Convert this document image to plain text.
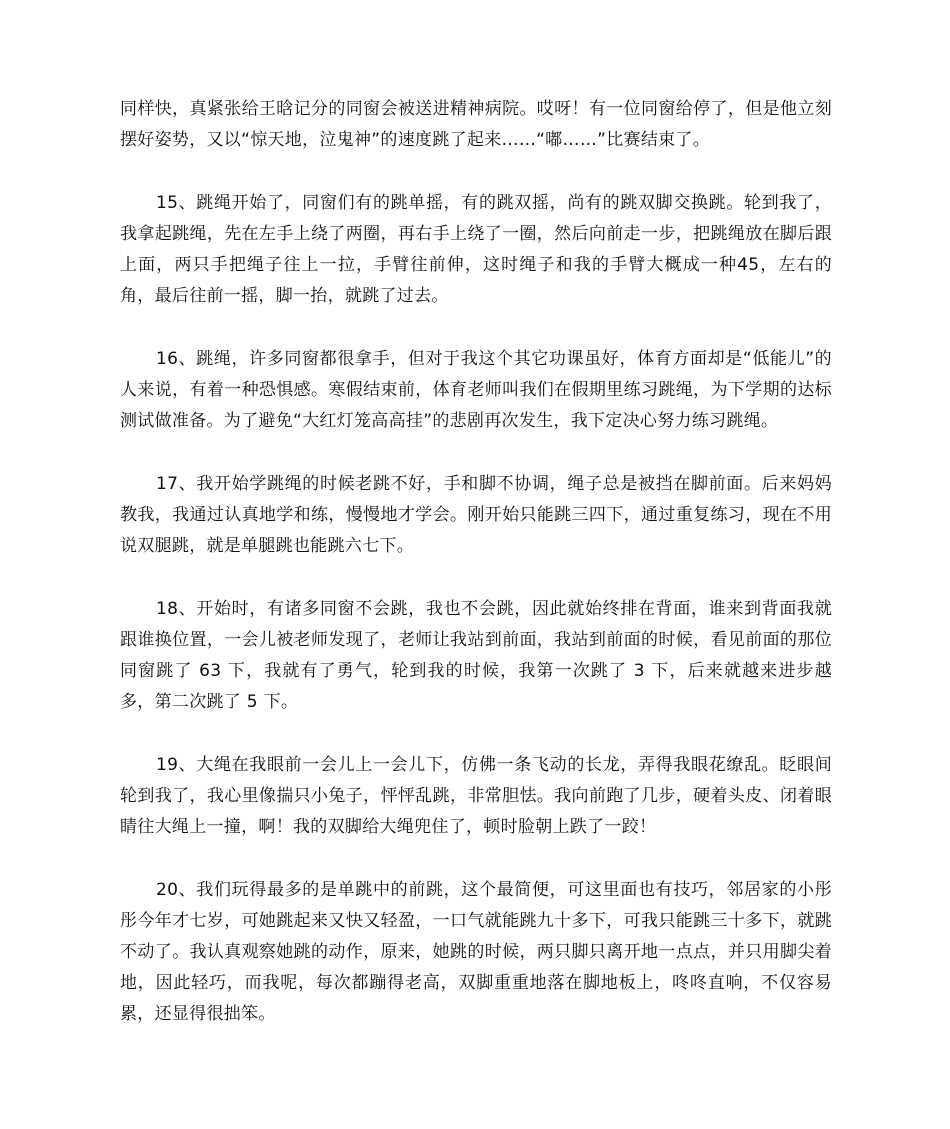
同样快，真紧张给王晗记分的同窗会被送进精神病院。哎呀！有一位同窗给停了，但是他立刻摆好姿势，又以“惊天地，泣鬼神”的速度跳了起来……“嘟……”比赛结束了。
15、跳绳开始了，同窗们有的跳单摇，有的跳双摇，尚有的跳双脚交换跳。轮到我了，我拿起跳绳，先在左手上绕了两圈，再右手上绕了一圈，然后向前走一步，把跳绳放在脚后跟上面，两只手把绳子往上一拉，手臂往前伸，这时绳子和我的手臂大概成一种45，左右的角，最后往前一摇，脚一抬，就跳了过去。
16、跳绳，许多同窗都很拿手，但对于我这个其它功课虽好，体育方面却是“低能儿”的人来说，有着一种恐惧感。寒假结束前，体育老师叫我们在假期里练习跳绳，为下学期的达标测试做准备。为了避免“大红灯笼高高挂”的悲剧再次发生，我下定决心努力练习跳绳。
17、我开始学跳绳的时候老跳不好，手和脚不协调，绳子总是被挡在脚前面。后来妈妈教我，我通过认真地学和练，慢慢地才学会。刚开始只能跳三四下，通过重复练习，现在不用说双腿跳，就是单腿跳也能跳六七下。
18、开始时，有诸多同窗不会跳，我也不会跳，因此就始终排在背面，谁来到背面我就跟谁换位置，一会儿被老师发现了，老师让我站到前面，我站到前面的时候，看见前面的那位同窗跳了 63 下，我就有了勇气，轮到我的时候，我第一次跳了 3 下，后来就越来进步越多，第二次跳了 5 下。
19、大绳在我眼前一会儿上一会儿下，仿佛一条飞动的长龙，弄得我眼花缭乱。眨眼间轮到我了，我心里像揣只小兔子，怦怦乱跳，非常胆怯。我向前跑了几步，硬着头皮、闭着眼睛往大绳上一撞，啊！我的双脚给大绳兜住了，顿时脸朝上跌了一跤！
20、我们玩得最多的是单跳中的前跳，这个最简便，可这里面也有技巧，邻居家的小彤彤今年才七岁，可她跳起来又快又轻盈，一口气就能跳九十多下，可我只能跳三十多下，就跳不动了。我认真观察她跳的动作，原来，她跳的时候，两只脚只离开地一点点，并只用脚尖着地，因此轻巧，而我呢，每次都蹦得老高，双脚重重地落在脚地板上，咚咚直响，不仅容易累，还显得很拙笨。
